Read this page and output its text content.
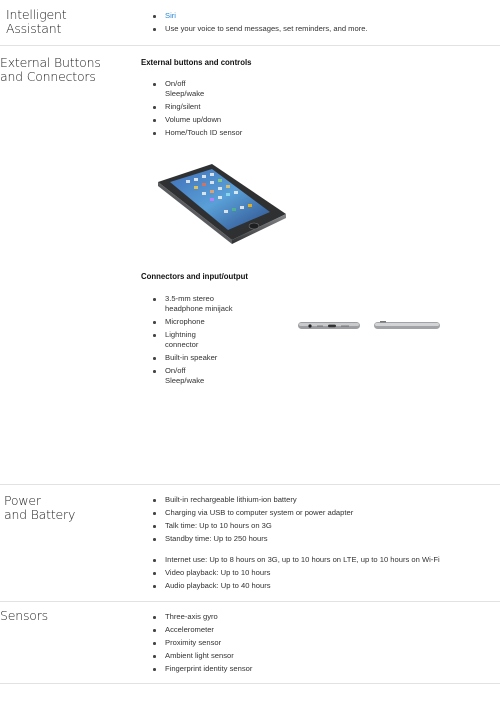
Intelligent
Assistant
Siri
Use your voice to send messages, set reminders, and more.
External Buttons
and Connectors
External buttons and controls
On/off
Sleep/wake
Ring/silent
Volume up/down
Home/Touch ID sensor
Connectors and input/output
3.5-mm stereo
headphone minijack
Microphone
Lightning
connector
Built-in speaker
On/off
Sleep/wake
Power
and Battery
Built-in rechargeable lithium-ion battery
Charging via USB to computer system or power adapter
Talk time: Up to 10 hours on 3G
Standby time: Up to 250 hours
Internet use: Up to 8 hours on 3G, up to 10 hours on LTE, up to 10 hours on Wi-Fi
Video playback: Up to 10 hours
Audio playback: Up to 40 hours
Sensors	Three-axis gyro
Accelerometer
Proximity sensor
Ambient light sensor
Fingerprint identity sensor
